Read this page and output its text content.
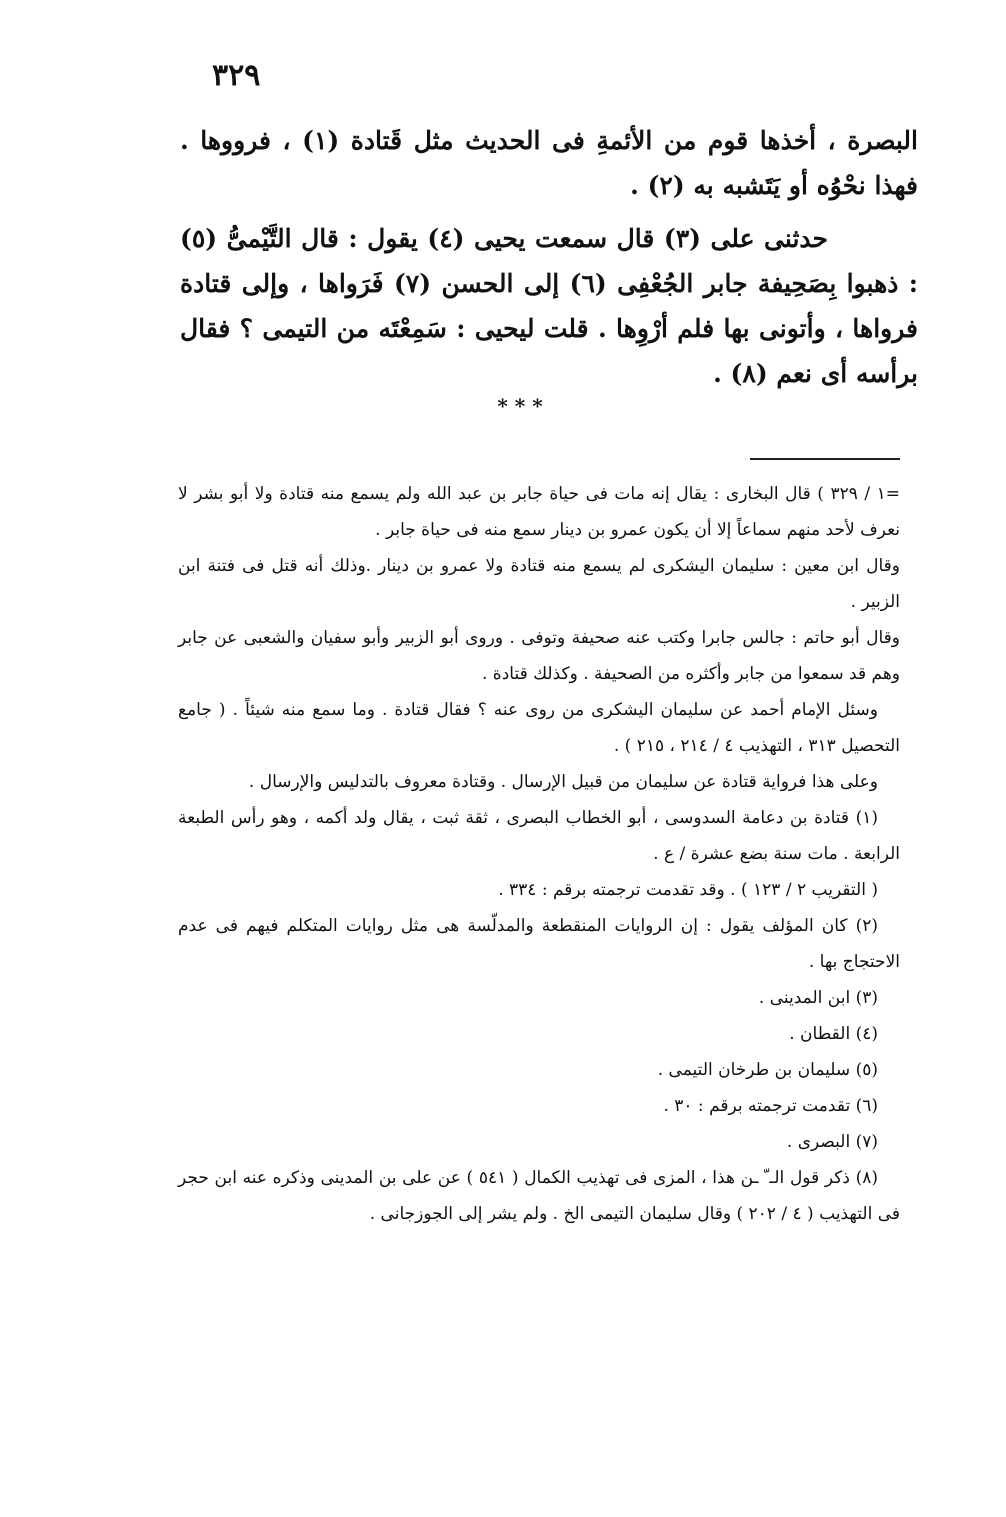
٣٢٩

البصرة ، أخذها قوم من الأئمةِ فى الحديث مثل قَتادة (١) ، فرووها . فهذا نحْوُه أو يَتَشبه به (٢) .

حدثنى على (٣) قال سمعت يحيى (٤) يقول : قال التَّيْمىُّ (٥) : ذهبوا بِصَحِيفة جابر الجُعْفِى (٦) إلى الحسن (٧) فَرَواها ، وإلى قتادة فرواها ، وأتونى بها فلم أرْوِها . قلت ليحيى : سَمِعْتَه من التيمى ؟ فقال برأسه أى نعم (٨) .

* * *

=١ / ٣٢٩ ) قال البخارى : يقال إنه مات فى حياة جابر بن عبد الله ولم يسمع منه قتادة ولا أبو بشر لا نعرف لأحد منهم سماعاً إلا أن يكون عمرو بن دينار سمع منه فى حياة جابر .

وقال ابن معين : سليمان اليشكرى لم يسمع منه قتادة ولا عمرو بن دينار .وذلك أنه قتل فى فتنة ابن الزبير .

وقال أبو حاتم : جالس جابرا وكتب عنه صحيفة وتوفى . وروى أبو الزبير وأبو سفيان والشعبى عن جابر وهم قد سمعوا من جابر وأكثره من الصحيفة . وكذلك قتادة .

وسئل الإمام أحمد عن سليمان اليشكرى من روى عنه ؟ فقال قتادة . وما سمع منه شيئاً . ( جامع التحصيل ٣١٣ ، التهذيب ٤ / ٢١٤ ، ٢١٥ ) .

وعلى هذا فرواية قتادة عن سليمان من قبيل الإرسال . وقتادة معروف بالتدليس والإرسال .

(١) قتادة بن دعامة السدوسى ، أبو الخطاب البصرى ، ثقة ثبت ، يقال ولد أكمه ، وهو رأس الطبعة الرابعة . مات سنة بضع عشرة / ع .

( التقريب ٢ / ١٢٣ ) . وقد تقدمت ترجمته برقم : ٣٣٤ .

(٢) كان المؤلف يقول : إن الروايات المنقطعة والمدلّسة هى مثل روايات المتكلم فيهم فى عدم الاحتجاج بها .

(٣) ابن المدينى .

(٤) القطان .

(٥) سليمان بن طرخان التيمى .

(٦) تقدمت ترجمته برقم : ٣٠ .

(٧) البصرى .

(٨) ذكر قول الـ ّ ـن هذا ، المزى فى تهذيب الكمال ( ٥٤١ ) عن على بن المدينى وذكره عنه ابن حجر فى التهذيب ( ٤ / ٢٠٢ ) وقال سليمان التيمى الخ . ولم يشر إلى الجوزجانى .
